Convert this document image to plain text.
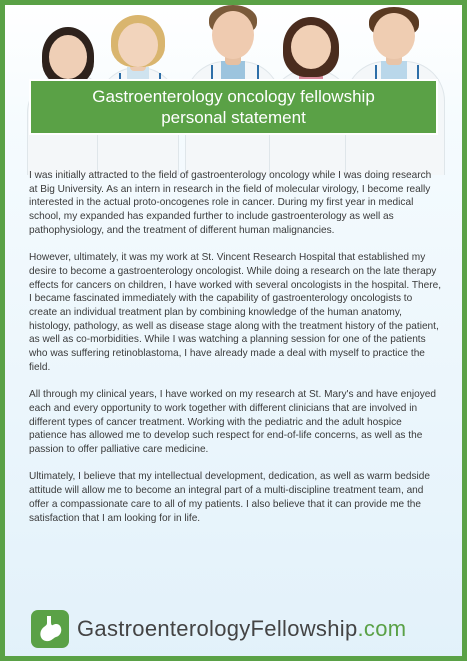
Gastroenterology oncology fellowship
personal statement

I was initially attracted to the field of gastroenterology oncology while I was doing research at Big University. As an intern in research in the field of molecular virology, I become really interested in the actual proto-oncogenes role in cancer. During my first year in medical school, my expanded has expanded further to include gastroenterology as well as pathophysiology, and the treatment of different human malignancies.

However, ultimately, it was my work at St. Vincent Research Hospital that established my desire to become a gastroenterology oncologist. While doing a research on the late therapy effects for cancers on children, I have worked with several oncologists in the hospital. There, I became fascinated immediately with the capability of gastroenterology oncologists to create an individual treatment plan by combining knowledge of the human anatomy, histology, pathology, as well as disease stage along with the treatment history of the patient, as well as co-morbidities. While I was watching a planning session for one of the patients who was suffering retinoblastoma, I have already made a deal with myself to practice the field.

All through my clinical years, I have worked on my research at St. Mary's and have enjoyed each and every opportunity to work together with different clinicians that are involved in different types of cancer treatment. Working with the pediatric and the adult hospice patience has allowed me to develop such respect for end-of-life concerns, as well as the passion to offer palliative care medicine.

Ultimately, I believe that my intellectual development, dedication, as well as warm bedside attitude will allow me to become an integral part of a multi-discipline treatment team, and offer a compassionate care to all of my patients. I also believe that it can provide me the satisfaction that I am looking for in life.

GastroenterologyFellowship.com
